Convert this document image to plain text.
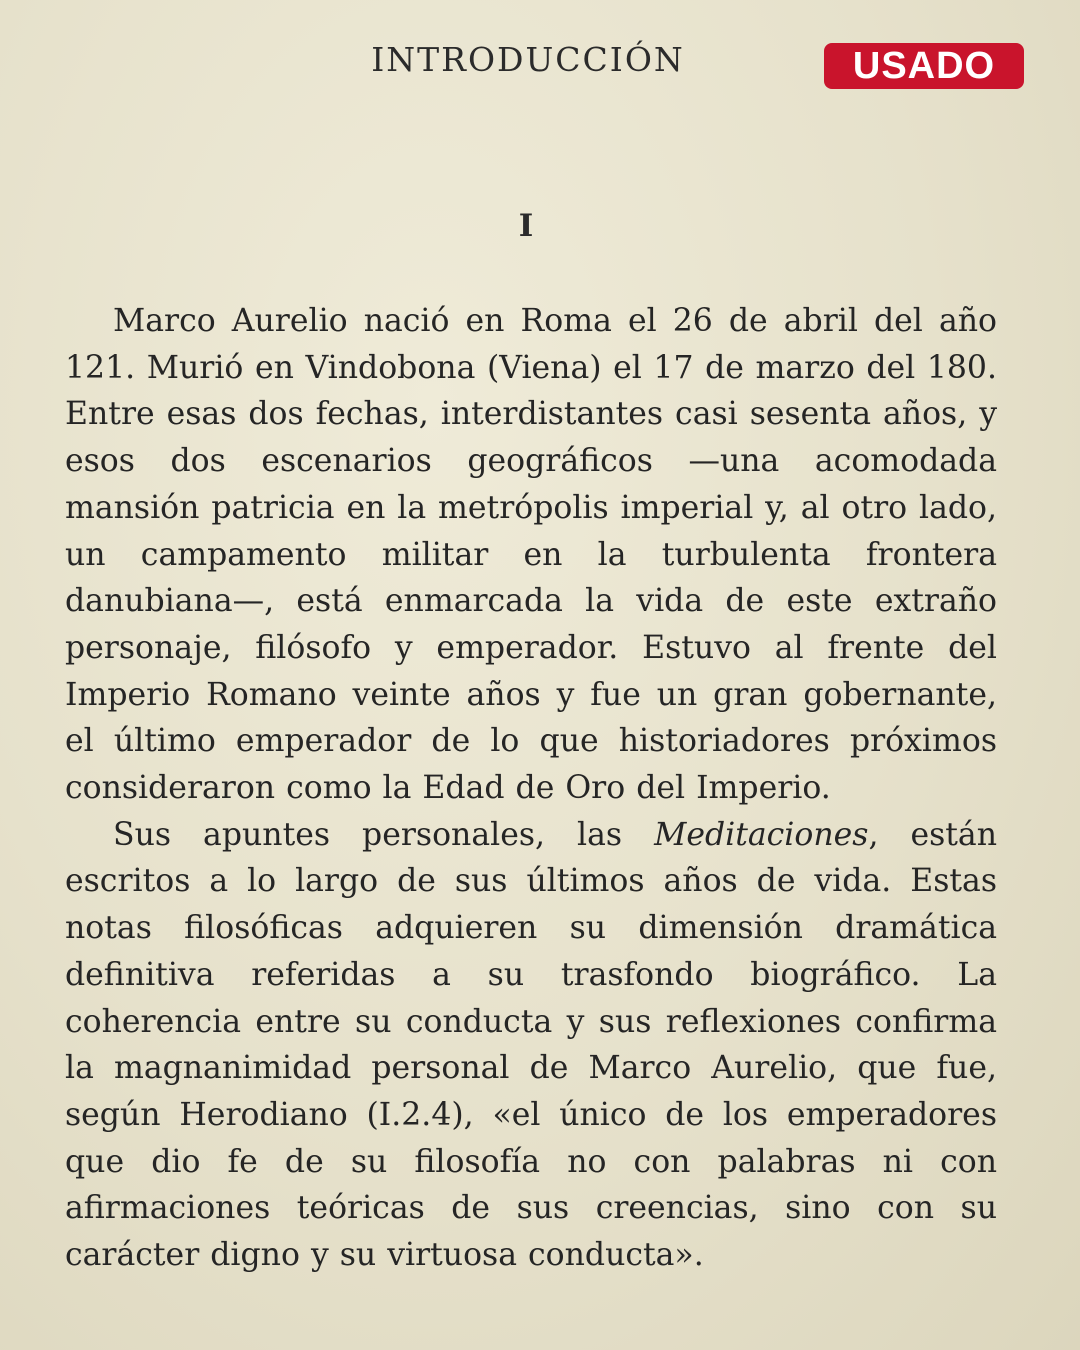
INTRODUCCIÓN	USADO
I

Marco Aurelio nació en Roma el 26 de abril del año 121. Murió en Vindobona (Viena) el 17 de marzo del 180. Entre esas dos fechas, interdistantes casi sesenta años, y esos dos escenarios geográficos —una acomodada mansión patricia en la metrópolis imperial y, al otro lado, un campamento militar en la turbulenta frontera danubiana—, está enmarcada la vida de este extraño personaje, filósofo y emperador. Estuvo al frente del Imperio Romano veinte años y fue un gran gobernante, el último emperador de lo que historiadores próximos consideraron como la Edad de Oro del Imperio.

Sus apuntes personales, las Meditaciones, están escritos a lo largo de sus últimos años de vida. Estas notas filosóficas adquieren su dimensión dramática definitiva referidas a su trasfondo biográfico. La coherencia entre su conducta y sus reflexiones confirma la magnanimidad personal de Marco Aurelio, que fue, según Herodiano (I.2.4), «el único de los emperadores que dio fe de su filosofía no con palabras ni con afirmaciones teóricas de sus creencias, sino con su carácter digno y su virtuosa conducta».
